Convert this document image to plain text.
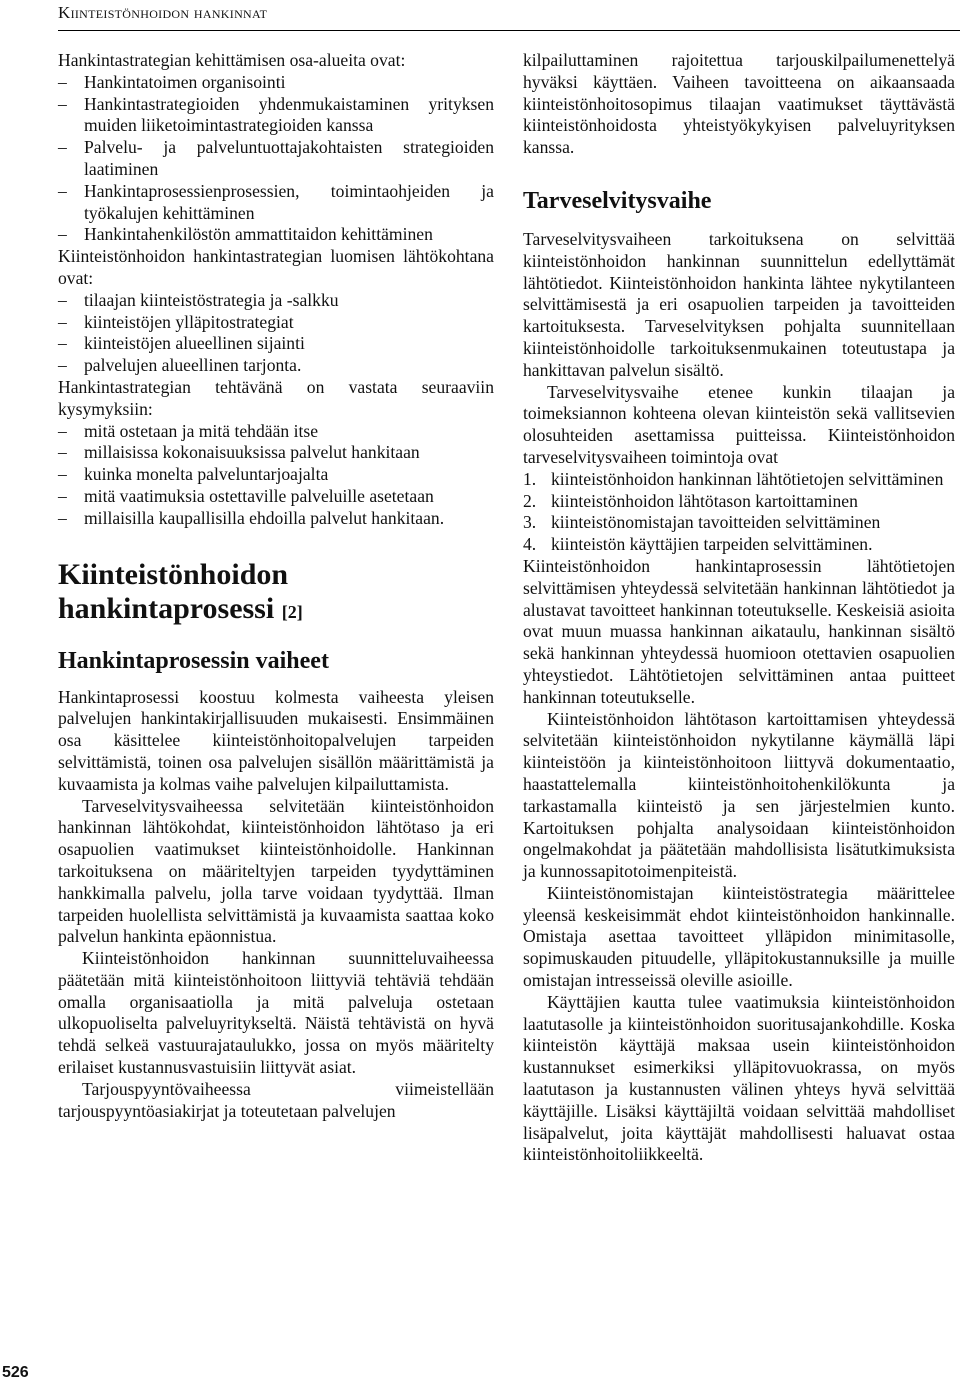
Kiinteistönhoidon hankinnat

Hankintastrategian kehittämisen osa-alueita ovat:

– Hankintatoimen organisointi
– Hankintastrategioiden yhdenmukaistaminen yrityksen muiden liiketoimintastrategioiden kanssa
– Palvelu- ja palveluntuottajakohtaisten strategioiden laatiminen
– Hankintaprosessienprosessien, toimintaohjeiden ja työkalujen kehittäminen
– Hankintahenkilöstön ammattitaidon kehittäminen

Kiinteistönhoidon hankintastrategian luomisen lähtökohtana ovat:

– tilaajan kiinteistöstrategia ja -salkku
– kiinteistöjen ylläpitostrategiat
– kiinteistöjen alueellinen sijainti
– palvelujen alueellinen tarjonta.

Hankintastrategian tehtävänä on vastata seuraaviin kysymyksiin:

– mitä ostetaan ja mitä tehdään itse
– millaisissa kokonaisuuksissa palvelut hankitaan
– kuinka monelta palveluntarjoajalta
– mitä vaatimuksia ostettaville palveluille asetetaan
– millaisilla kaupallisilla ehdoilla palvelut hankitaan.
Kiinteistönhoidon hankintaprosessi [2]
Hankintaprosessin vaiheet

Hankintaprosessi koostuu kolmesta vaiheesta yleisen palvelujen hankintakirjallisuuden mukaisesti. Ensimmäinen osa käsittelee kiinteistönhoitopalvelujen tarpeiden selvittämistä, toinen osa palvelujen sisällön määrittämistä ja kuvaamista ja kolmas vaihe palvelujen kilpailuttamista.

Tarveselvitysvaiheessa selvitetään kiinteistönhoidon hankinnan lähtökohdat, kiinteistönhoidon lähtötaso ja eri osapuolien vaatimukset kiinteistönhoidolle. Hankinnan tarkoituksena on määriteltyjen tarpeiden tyydyttäminen hankkimalla palvelu, jolla tarve voidaan tyydyttää. Ilman tarpeiden huolellista selvittämistä ja kuvaamista saattaa koko palvelun hankinta epäonnistua.

Kiinteistönhoidon hankinnan suunnitteluvaiheessa päätetään mitä kiinteistönhoitoon liittyviä tehtäviä tehdään omalla organisaatiolla ja mitä palveluja ostetaan ulkopuoliselta palveluyritykseltä. Näistä tehtävistä on hyvä tehdä selkeä vastuurajataulukko, jossa on myös määritelty erilaiset kustannusvastuisiin liittyvät asiat.

Tarjouspyyntövaiheessa viimeistellään tarjouspyyntöasiakirjat ja toteutetaan palvelujen

kilpailuttaminen rajoitettua tarjouskilpailumenettelyä hyväksi käyttäen. Vaiheen tavoitteena on aikaansaada kiinteistönhoitosopimus tilaajan vaatimukset täyttävästä kiinteistönhoidosta yhteistyökykyisen palveluyrityksen kanssa.

Tarveselvitysvaihe

Tarveselvitysvaiheen tarkoituksena on selvittää kiinteistönhoidon hankinnan suunnittelun edellyttämät lähtötiedot. Kiinteistönhoidon hankinta lähtee nykytilanteen selvittämisestä ja eri osapuolien tarpeiden ja tavoitteiden kartoituksesta. Tarveselvityksen pohjalta suunnitellaan kiinteistönhoidolle tarkoituksenmukainen toteutustapa ja hankittavan palvelun sisältö.

Tarveselvitysvaihe etenee kunkin tilaajan ja toimeksiannon kohteena olevan kiinteistön sekä vallitsevien olosuhteiden asettamissa puitteissa. Kiinteistönhoidon tarveselvitysvaiheen toimintoja ovat

1. kiinteistönhoidon hankinnan lähtötietojen selvittäminen
2. kiinteistönhoidon lähtötason kartoittaminen
3. kiinteistönomistajan tavoitteiden selvittäminen
4. kiinteistön käyttäjien tarpeiden selvittäminen.

Kiinteistönhoidon hankintaprosessin lähtötietojen selvittämisen yhteydessä selvitetään hankinnan lähtötiedot ja alustavat tavoitteet hankinnan toteutukselle. Keskeisiä asioita ovat muun muassa hankinnan aikataulu, hankinnan sisältö sekä hankinnan yhteydessä huomioon otettavien osapuolien yhteystiedot. Lähtötietojen selvittäminen antaa puitteet hankinnan toteutukselle.

Kiinteistönhoidon lähtötason kartoittamisen yhteydessä selvitetään kiinteistönhoidon nykytilanne käymällä läpi kiinteistöön ja kiinteistönhoitoon liittyvä dokumentaatio, haastattelemalla kiinteistönhoitohenkilökunta ja tarkastamalla kiinteistö ja sen järjestelmien kunto. Kartoituksen pohjalta analysoidaan kiinteistönhoidon ongelmakohdat ja päätetään mahdollisista lisätutkimuksista ja kunnossapitotoimenpiteistä.

Kiinteistönomistajan kiinteistöstrategia määrittelee yleensä keskeisimmät ehdot kiinteistönhoidon hankinnalle. Omistaja asettaa tavoitteet ylläpidon minimitasolle, sopimuskauden pituudelle, ylläpitokustannuksille ja muille omistajan intresseissä oleville asioille.

Käyttäjien kautta tulee vaatimuksia kiinteistönhoidon laatutasolle ja kiinteistönhoidon suoritusajankohdille. Koska kiinteistön käyttäjä maksaa usein kiinteistönhoidon kustannukset esimerkiksi ylläpitovuokrassa, on myös laatutason ja kustannusten välinen yhteys hyvä selvittää käyttäjille. Lisäksi käyttäjiltä voidaan selvittää mahdolliset lisäpalvelut, joita käyttäjät mahdollisesti haluavat ostaa kiinteistönhoitoliikkeeltä.

526
